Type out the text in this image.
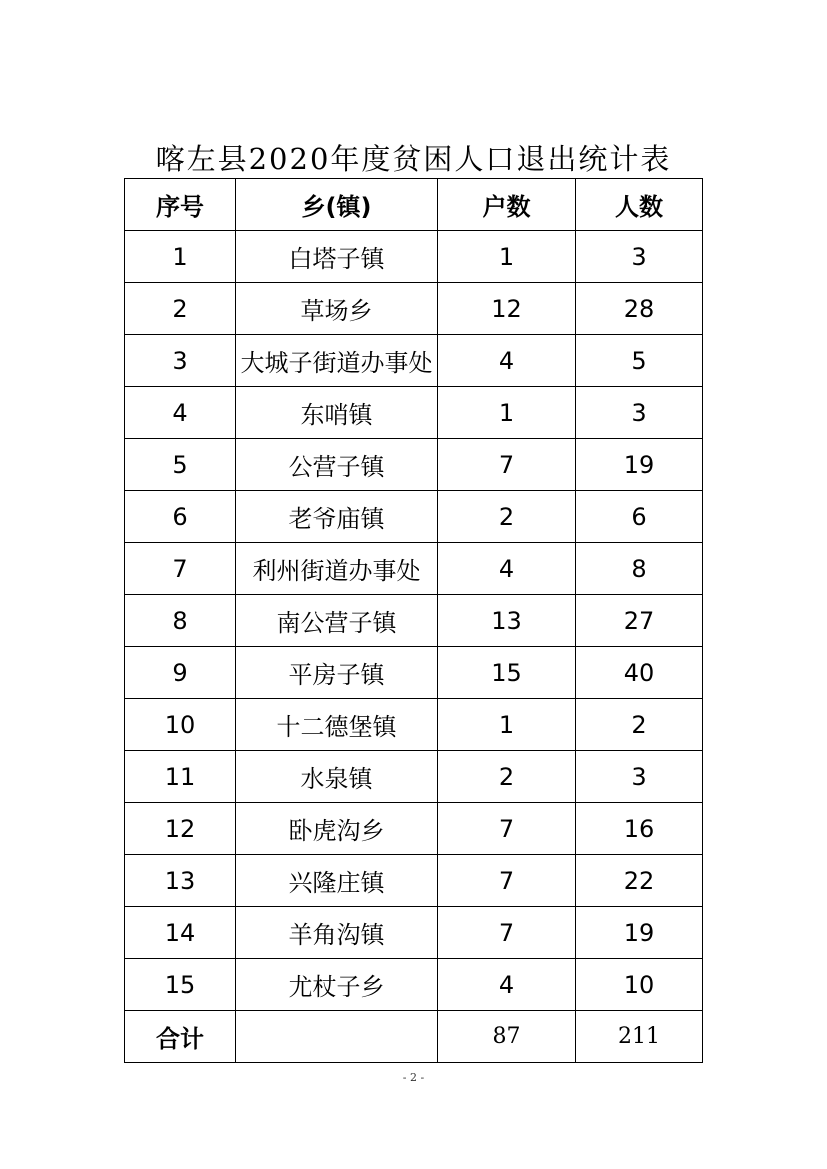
喀左县2020年度贫困人口退出统计表
序号	乡(镇)	户数	人数
1	白塔子镇	1	3
2	草场乡	12	28
3	大城子街道办事处	4	5
4	东哨镇	1	3
5	公营子镇	7	19
6	老爷庙镇	2	6
7	利州街道办事处	4	8
8	南公营子镇	13	27
9	平房子镇	15	40
10	十二德堡镇	1	2
11	水泉镇	2	3
12	卧虎沟乡	7	16
13	兴隆庄镇	7	22
14	羊角沟镇	7	19
15	尤杖子乡	4	10
合计		87	211
- 2 -
